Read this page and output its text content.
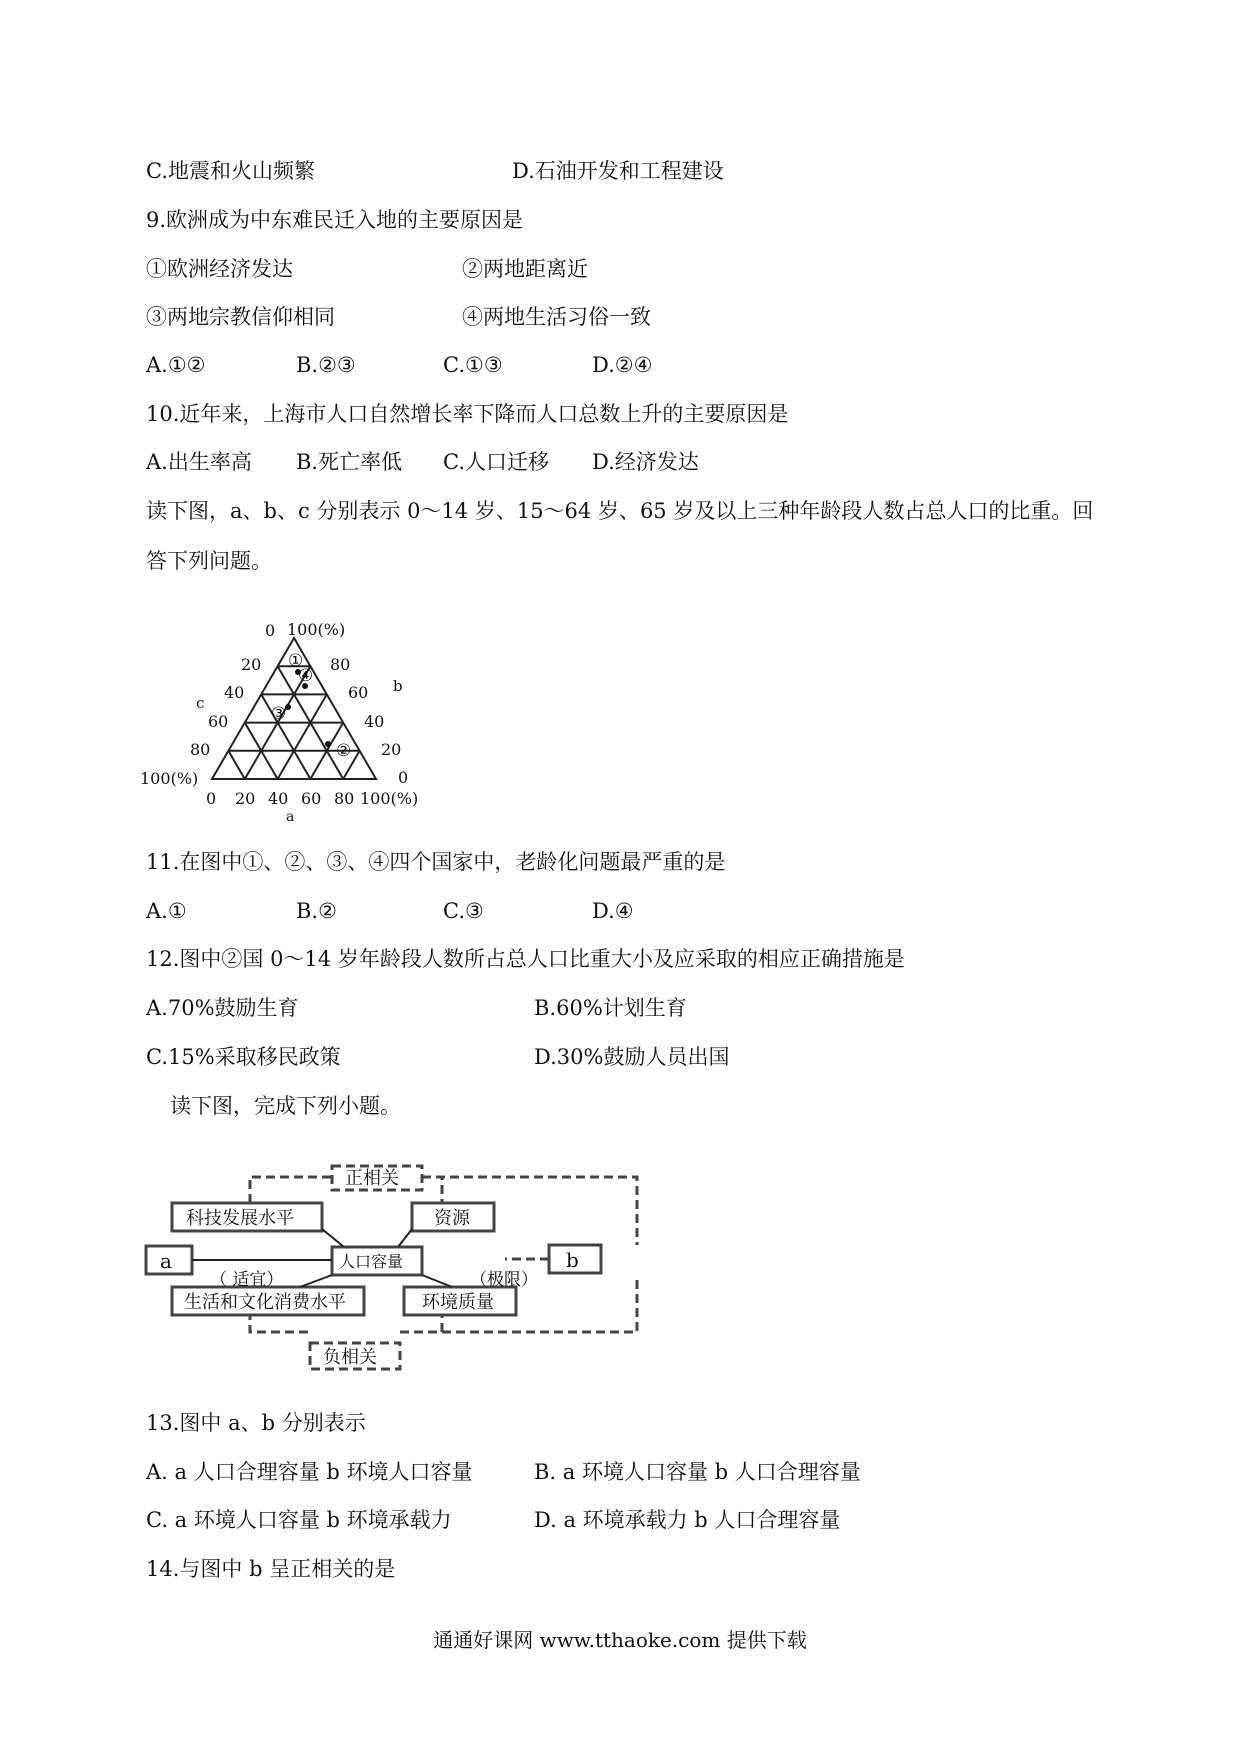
C.地震和火山频繁	D.石油开发和工程建设
9.欧洲成为中东难民迁入地的主要原因是
①欧洲经济发达	②两地距离近
③两地宗教信仰相同	④两地生活习俗一致
A.①②	B.②③	C.①③	D.②④
10.近年来，上海市人口自然增长率下降而人口总数上升的主要原因是
A.出生率高 B.死亡率低 C.人口迁移 D.经济发达
读下图，a、b、c 分别表示 0～14 岁、15～64 岁、65 岁及以上三种年龄段人数占总人口的比重。回
答下列问题。
①
②
③
④
0 100(%)
20
40
60
80
100(%)
c
80
60
40
20
0
b
0 20 40 60 80 100(%)
a
11.在图中①、②、③、④四个国家中，老龄化问题最严重的是
A.①	B.②	C.③	D.④
12.图中②国 0～14 岁年龄段人数所占总人口比重大小及应采取的相应正确措施是
A.70%鼓励生育	B.60%计划生育
C.15%采取移民政策	D.30%鼓励人员出国
读下图，完成下列小题。
正相关
负相关
科技发展水平	资源
人口容量
生活和文化消费水平	环境质量
a	b
（ 适宜）	（极限）
13.图中 a、b 分别表示
A. a 人口合理容量 b 环境人口容量	B. a 环境人口容量 b 人口合理容量
C. a 环境人口容量 b 环境承载力	D. a 环境承载力 b 人口合理容量
14.与图中 b 呈正相关的是
通通好课网 www.tthaoke.com 提供下载
